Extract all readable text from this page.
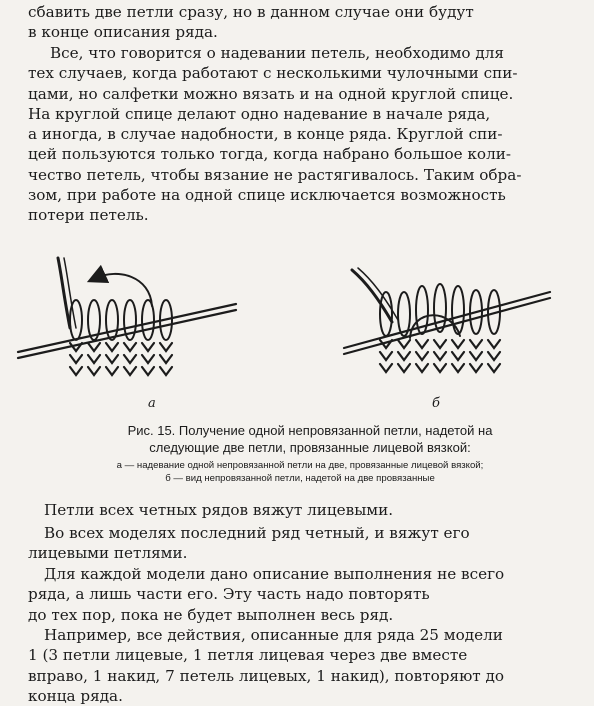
сбавить две петли сразу, но в данном случае они будут
в конце описания ряда.

Все, что говорится о надевании петель, необходимо для
тех случаев, когда работают с несколькими чулочными спи-
цами, но салфетки можно вязать и на одной круглой спице.
На круглой спице делают одно надевание в начале ряда,
а иногда, в случае надобности, в конце ряда. Круглой спи-
цей пользуются только тогда, когда набрано большое коли-
чество петель, чтобы вязание не растягивалось. Таким обра-
зом, при работе на одной спице исключается возможность
потери петель.

а	б
Рис. 15. Получение одной непровязанной петли, надетой на
следующие две петли, провязанные лицевой вязкой:
а — надевание одной непровязанной петли на две, провязанные лицевой вязкой;
б — вид непровязанной петли, надетой на две провязанные

Петли всех четных рядов вяжут лицевыми.

Во всех моделях последний ряд четный, и вяжут его
лицевыми петлями.

Для каждой модели дано описание выполнения не всего
ряда, а лишь части его. Эту часть надо повторять
до тех пор, пока не будет выполнен весь ряд.

Например, все действия, описанные для ряда 25 модели
1 (3 петли лицевые, 1 петля лицевая через две вместе
вправо, 1 накид, 7 петель лицевых, 1 накид), повторяют до
конца ряда.
